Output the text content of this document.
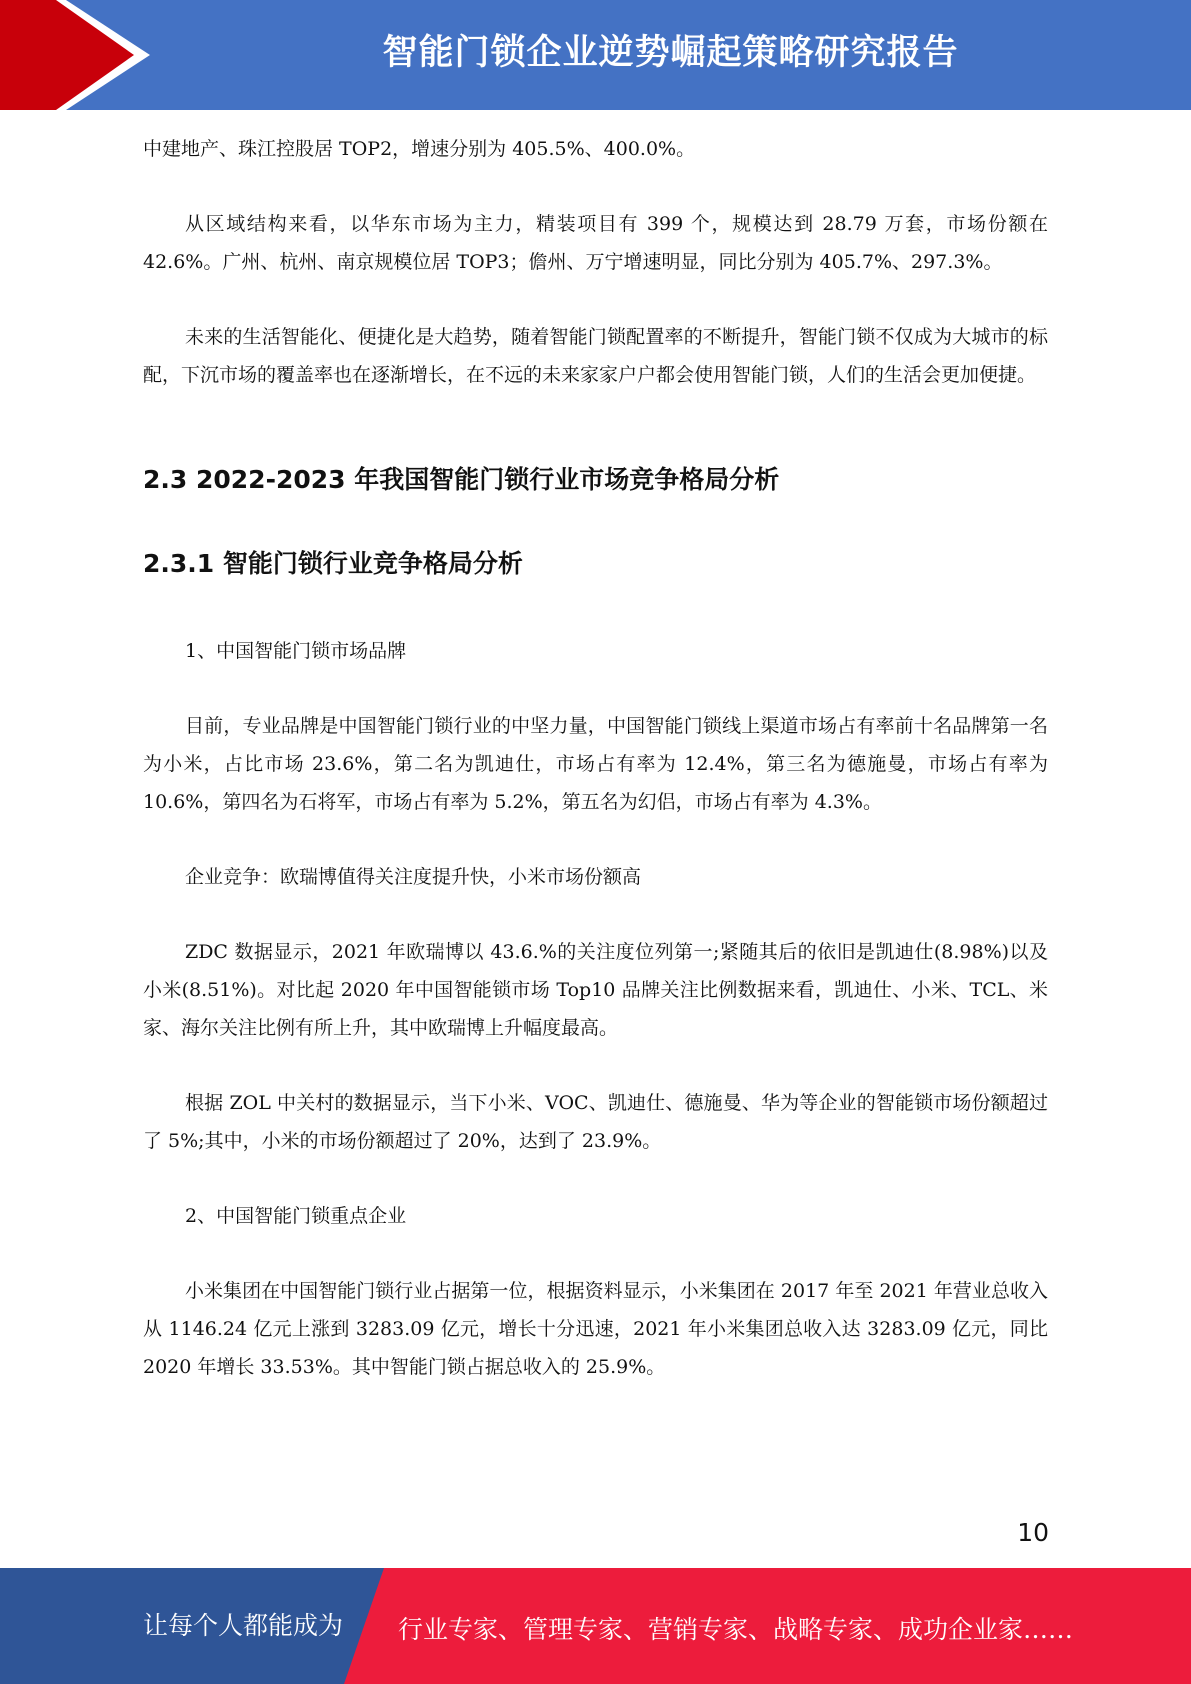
智能门锁企业逆势崛起策略研究报告

中建地产、珠江控股居 TOP2，增速分别为 405.5%、400.0%。

从区域结构来看，以华东市场为主力，精装项目有 399 个，规模达到 28.79 万套，市场份额在 42.6%。广州、杭州、南京规模位居 TOP3；儋州、万宁增速明显，同比分别为 405.7%、297.3%。

未来的生活智能化、便捷化是大趋势，随着智能门锁配置率的不断提升，智能门锁不仅成为大城市的标配，下沉市场的覆盖率也在逐渐增长，在不远的未来家家户户都会使用智能门锁，人们的生活会更加便捷。

2.3 2022-2023 年我国智能门锁行业市场竞争格局分析
2.3.1 智能门锁行业竞争格局分析

1、中国智能门锁市场品牌

目前，专业品牌是中国智能门锁行业的中坚力量，中国智能门锁线上渠道市场占有率前十名品牌第一名为小米，占比市场 23.6%，第二名为凯迪仕，市场占有率为 12.4%，第三名为德施曼，市场占有率为 10.6%，第四名为石将军，市场占有率为 5.2%，第五名为幻侣，市场占有率为 4.3%。

企业竞争：欧瑞博值得关注度提升快，小米市场份额高

ZDC 数据显示，2021 年欧瑞博以 43.6.%的关注度位列第一;紧随其后的依旧是凯迪仕(8.98%)以及小米(8.51%)。对比起 2020 年中国智能锁市场 Top10 品牌关注比例数据来看，凯迪仕、小米、TCL、米家、海尔关注比例有所上升，其中欧瑞博上升幅度最高。

根据 ZOL 中关村的数据显示，当下小米、VOC、凯迪仕、德施曼、华为等企业的智能锁市场份额超过了 5%;其中，小米的市场份额超过了 20%，达到了 23.9%。

2、中国智能门锁重点企业

小米集团在中国智能门锁行业占据第一位，根据资料显示，小米集团在 2017 年至 2021 年营业总收入从 1146.24 亿元上涨到 3283.09 亿元，增长十分迅速，2021 年小米集团总收入达 3283.09 亿元，同比 2020 年增长 33.53%。其中智能门锁占据总收入的 25.9%。

10
让每个人都能成为 行业专家、管理专家、营销专家、战略专家、成功企业家……
